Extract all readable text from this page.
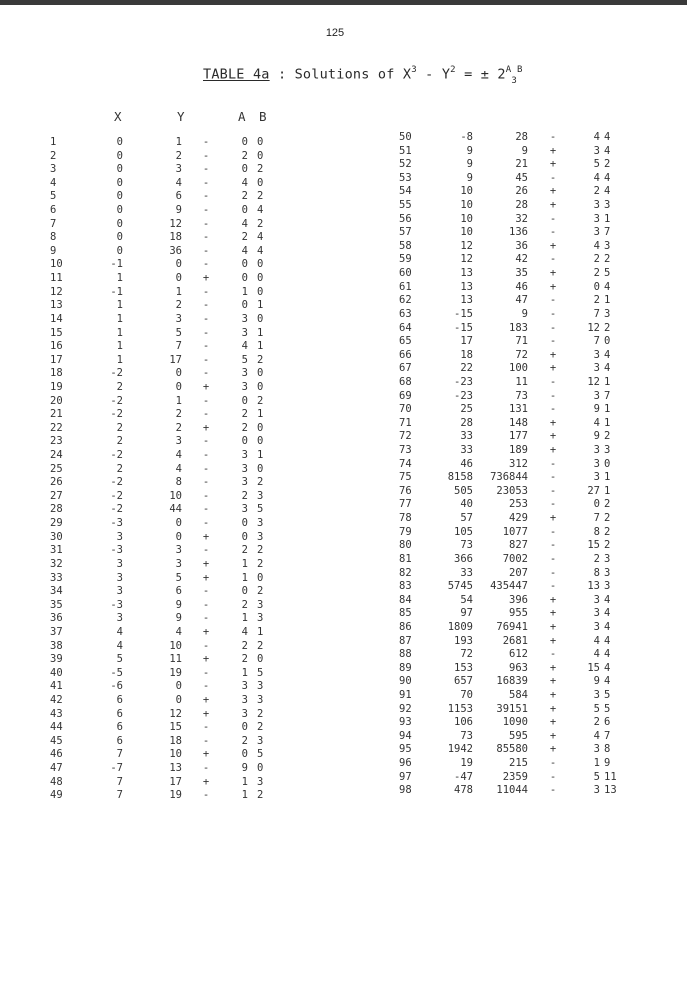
125
TABLE 4a : Solutions of $X^3 - Y^2$ = ± $2^A_3^B$
X	Y	A B
1
2
3
4
5
6
7
8
9
10
11
12
13
14
15
16
17
18
19
20
21
22
23
24
25
26
27
28
29
30
31
32
33
34
35
36
37
38
39
40
41
42
43
44
45
46
47
48
49
0
0
0
0
0
0
0
0
0
-1
1
-1
1
1
1
1
1
-2
2
-2
-2
2
2
-2
2
-2
-2
-2
-3
3
-3
3
3
3
-3
3
4
4
5
-5
-6
6
6
6
6
7
-7
7
7
1
2
3
4
6
9
12
18
36
0
0
1
2
3
5
7
17
0
0
1
2
2
3
4
4
8
10
44
0
0
3
3
5
6
9
9
4
10
11
19
0
0
12
15
18
10
13
17
19
-
-
-
-
-
-
-
-
-
-
+
-
-
-
-
-
-
-
+
-
-
+
-
-
-
-
-
-
-
+
-
+
+
-
-
-
+
-
+
-
-
+
+
-
-
+
-
+
-
0
2
0
4
2
0
4
2
4
0
0
1
0
3
3
4
5
3
3
0
2
2
0
3
3
3
2
3
0
0
2
1
1
0
2
1
4
2
2
1
3
3
3
0
2
0
9
1
1
0
0
2
0
2
4
2
4
4
0
0
0
1
0
1
1
2
0
0
2
1
0
0
1
0
2
3
5
3
3
2
2
0
2
3
3
1
2
0
5
3
3
2
2
3
5
0
3
2
50
51
52
53
54
55
56
57
58
59
60
61
62
63
64
65
66
67
68
69
70
71
72
73
74
75
76
77
78
79
80
81
82
83
84
85
86
87
88
89
90
91
92
93
94
95
96
97
98
-8
9
9
9
10
10
10
10
12
12
13
13
13
-15
-15
17
18
22
-23
-23
25
28
33
33
46
8158
505
40
57
105
73
366
33
5745
54
97
1809
193
72
153
657
70
1153
106
73
1942
19
-47
478
28
9
21
45
26
28
32
136
36
42
35
46
47
9
183
71
72
100
11
73
131
148
177
189
312
736844
23053
253
429
1077
827
7002
207
435447
396
955
76941
2681
612
963
16839
584
39151
1090
595
85580
215
2359
11044
-
+
+
-
+
+
-
-
+
-
+
+
-
-
-
-
+
+
-
-
-
+
+
+
-
-
-
-
+
-
-
-
-
-
+
+
+
+
-
+
+
+
+
+
+
+
-
-
-
4
3
5
4
2
3
3
3
4
2
2
0
2
7
12
7
3
3
12
3
9
4
9
3
3
3
27
0
7
8
15
2
8
13
3
3
3
4
4
15
9
3
5
2
4
3
1
5
3
4
4
2
4
4
3
1
7
3
2
5
4
1
3
2
0
4
4
1
7
1
1
2
3
0
1
1
2
2
2
2
3
3
3
4
4
4
4
4
4
4
5
5
6
7
8
9
11
13
